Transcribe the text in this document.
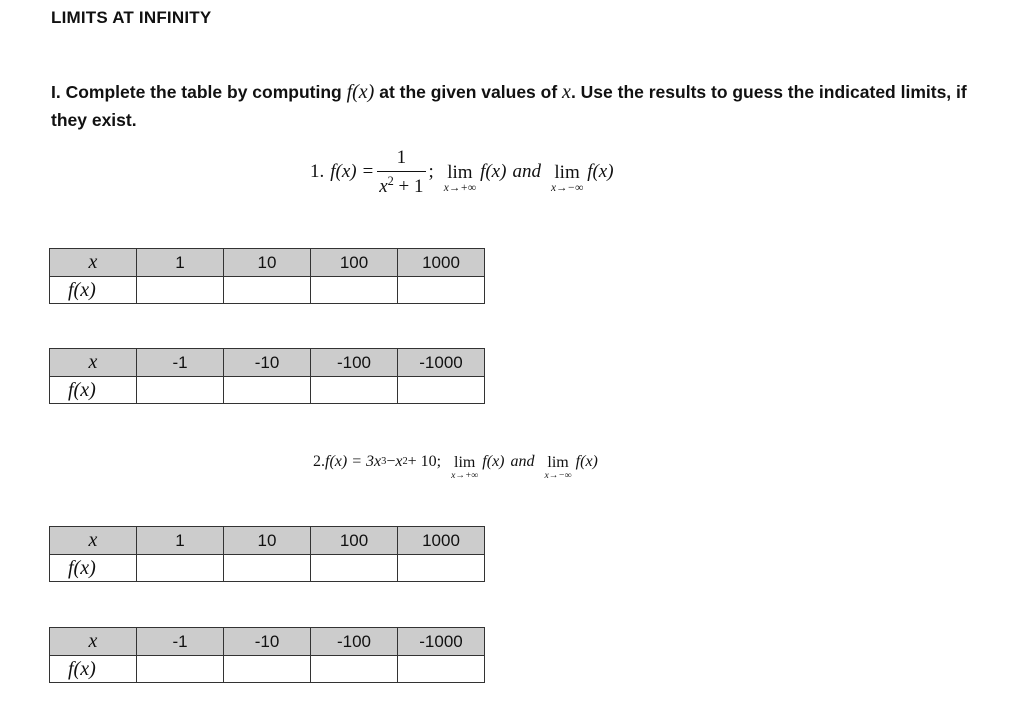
LIMITS AT INFINITY
I. Complete the table by computing f(x) at the given values of x. Use the results to guess the indicated limits, if they exist.
1. $f(x) = \frac{1}{x^2 + 1}$ ; lim
x→+∞
f(x) and lim
x→−∞
f(x)
x	1	10	100	1000
f(x)				
x	-1	-10	-100	-1000
f(x)				
2. f(x) = 3 x 3 − x 2 + 10; lim
x→+∞
f(x) and lim
x→−∞
f(x)
x	1	10	100	1000
f(x)				
x	-1	-10	-100	-1000
f(x)				
